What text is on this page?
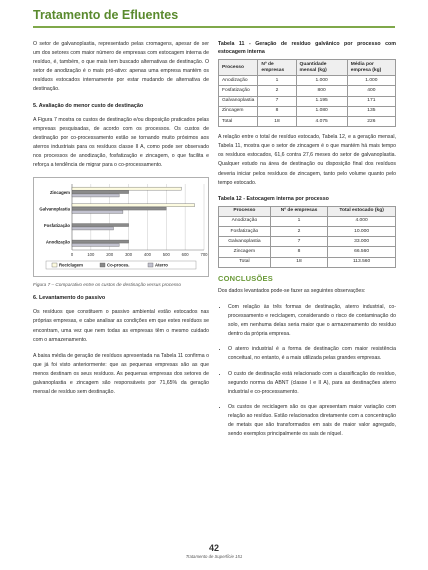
Tratamento de Efluentes

O setor de galvanoplastia, representado pelas cromagens, apesar de ser um dos setores com maior número de empresas com estocagem interna de resíduo, é, também, o que mais tem buscado alternativas de destinação. O setor de anodização é o mais pró-ativo: apenas uma empresa mantém os resíduos estocados internamente por estar mudando de alternativa de destinação.

5. Avaliação do menor custo de destinação

A Figura 7 mostra os custos de destinação e/ou disposição praticados pelas empresas pesquisadas, de acordo com os processos. Os custos de destinação por co-processamento estão se tornando muito próximos aos aterros industriais para os resíduos classe II A, como pode ser observado nos processos de anodização, fosfatização e zincagem, o que facilita e reforça a tendência de migrar para o co-processamento.

0	100	200	300	400	500	600	700
Zincagem
Galvanoplastia
Fosfatização
Anodização
Reciclagem	Co-proces.	Aterro
Figura 7 – Comparativo entre os custos de destinação versus processo
6. Levantamento do passivo

Os resíduos que constituem o passivo ambiental estão estocados nas próprias empresas, e cabe analisar as condições em que estes resíduos se encontram, uma vez que nem todas as empresas têm o mesmo cuidado com o armazenamento.

A baixa média de geração de resíduos apresentada na Tabela 11 confirma o que já foi visto anteriormente: que as pequenas empresas são as que menos destinam os seus resíduos. As pequenas empresas dos setores de galvanoplastia e zincagem são responsáveis por 71,65% da geração mensal de resíduo sem destinação.

Tabela 11 - Geração de resíduo galvânico por processo com estocagem interna
Processo	Nº de empresas	Quantidade mensal (kg)	Média por empresa (kg)
Anodização	1	1.000	1.000
Fosfatização	2	800	400
Galvanoplastia	7	1.195	171
Zincagem	8	1.080	135
Total	18	4.075	226

A relação entre o total de resíduo estocado, Tabela 12, e a geração mensal, Tabela 11, mostra que o setor de zincagem é o que mantém há mais tempo os resíduos estocados, 61,6 contra 27,6 meses do setor de galvanoplastia. Qualquer estudo na área de destinação ou disposição final dos resíduos deveria iniciar pelos resíduos de zincagem, tanto pelo volume quanto pelo tempo estocado.

Tabela 12 - Estocagem interna por processo
Processo	Nº de empresas	Total estocado (kg)
Anodização	1	4.000
Fosfatização	2	10.000
Galvanoplastia	7	33.000
Zincagem	8	66.560
Total	18	113.560
CONCLUSÕES

Dos dados levantados pode-se fazer as seguintes observações:

• Com relação às três formas de destinação, aterro industrial, co-processamento e reciclagem, considerando o risco de contaminação do solo, em nenhuma delas seria maior que o armazenamento do resíduo dentro da própria empresa.
• O aterro industrial é a forma de destinação com maior resistência conceitual, no entanto, é a mais utilizada pelas grandes empresas.
• O custo de destinação está relacionado com a classificação do resíduo, segundo norma da ABNT (classe I e II A), para as destinações aterro industrial e co-processamento.
• Os custos de reciclagem são os que apresentam maior variação com relação ao resíduo. Estão relacionados diretamente com a concentração de metais que são transformados em sais de maior valor agregado, sendo exemplos principalmente os sais de níquel.
42
Tratamento de Superfície 151
